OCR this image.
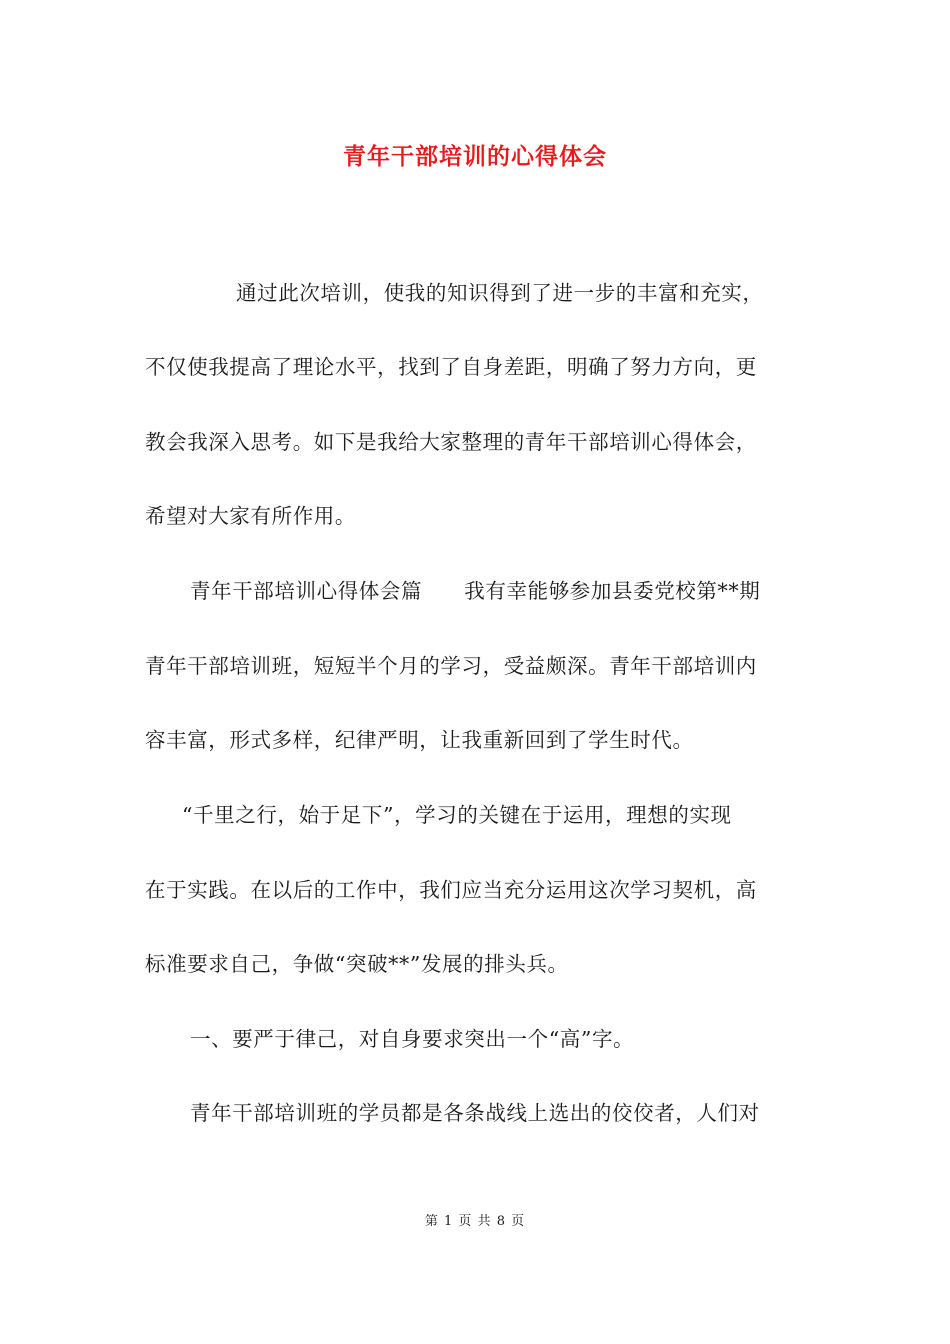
青年干部培训的心得体会
通过此次培训，使我的知识得到了进一步的丰富和充实，
不仅使我提高了理论水平，找到了自身差距，明确了努力方向，更
教会我深入思考。如下是我给大家整理的青年干部培训心得体会，
希望对大家有所作用。
青年干部培训心得体会篇　　我有幸能够参加县委党校第**期
青年干部培训班，短短半个月的学习，受益颇深。青年干部培训内
容丰富，形式多样，纪律严明，让我重新回到了学生时代。
“千里之行，始于足下”，学习的关键在于运用，理想的实现
在于实践。在以后的工作中，我们应当充分运用这次学习契机，高
标准要求自己，争做“突破**”发展的排头兵。
一、要严于律己，对自身要求突出一个“高”字。
青年干部培训班的学员都是各条战线上选出的佼佼者，人们对
第 1 页 共 8 页
